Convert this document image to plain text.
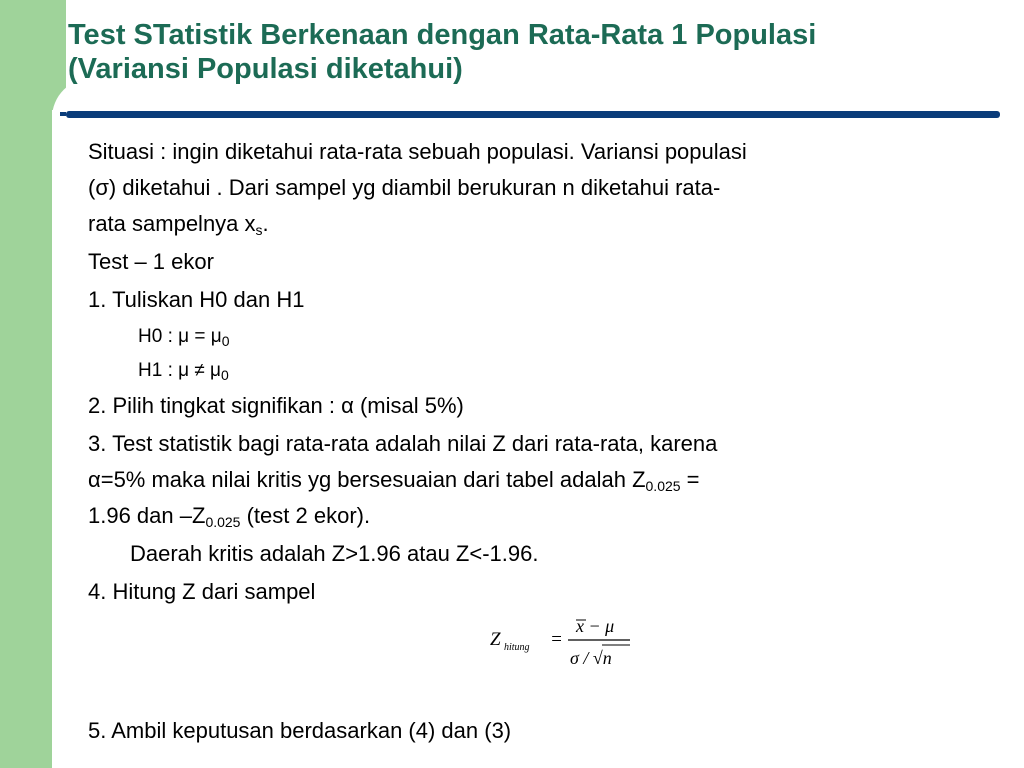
Test STatistik Berkenaan dengan Rata-Rata 1 Populasi
(Variansi Populasi diketahui)

Situasi : ingin diketahui rata-rata sebuah populasi. Variansi populasi
(σ) diketahui . Dari sampel yg diambil berukuran n diketahui rata-
rata sampelnya $x_s$.

Test – 1 ekor

1. Tuliskan H0 dan H1

H0 : $\mu = \mu_0$

H1 : $\mu \ne \mu_0$

2. Pilih tingkat signifikan : α (misal 5%)

3. Test statistik bagi rata-rata adalah nilai Z dari rata-rata, karena
α=5% maka nilai kritis yg bersesuaian dari tabel adalah $Z_{0.025}$ =
1.96 dan $-Z_{0.025}$ (test 2 ekor).

Daerah kritis adalah Z>1.96 atau Z<-1.96.

4. Hitung Z dari sampel

Z hitung =
x − μ
σ / √n
5. Ambil keputusan berdasarkan (4) dan (3)
